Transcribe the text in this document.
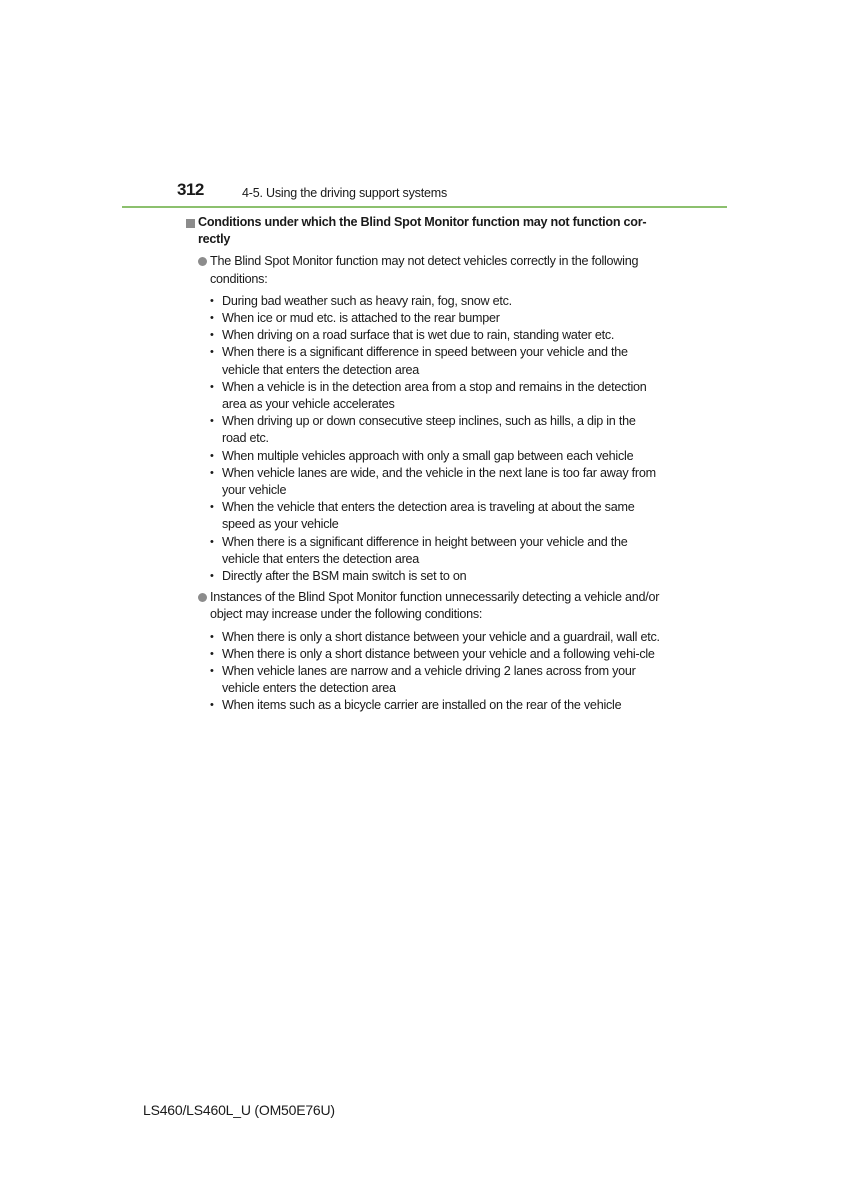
312	4-5. Using the driving support systems
Conditions under which the Blind Spot Monitor function may not function cor-rectly
The Blind Spot Monitor function may not detect vehicles correctly in the following conditions:
• During bad weather such as heavy rain, fog, snow etc.
• When ice or mud etc. is attached to the rear bumper
• When driving on a road surface that is wet due to rain, standing water etc.
• When there is a significant difference in speed between your vehicle and the vehicle that enters the detection area
• When a vehicle is in the detection area from a stop and remains in the detection area as your vehicle accelerates
• When driving up or down consecutive steep inclines, such as hills, a dip in the road etc.
• When multiple vehicles approach with only a small gap between each vehicle
• When vehicle lanes are wide, and the vehicle in the next lane is too far away from your vehicle
• When the vehicle that enters the detection area is traveling at about the same speed as your vehicle
• When there is a significant difference in height between your vehicle and the vehicle that enters the detection area
• Directly after the BSM main switch is set to on
Instances of the Blind Spot Monitor function unnecessarily detecting a vehicle and/or object may increase under the following conditions:
• When there is only a short distance between your vehicle and a guardrail, wall etc.
• When there is only a short distance between your vehicle and a following vehi-cle
• When vehicle lanes are narrow and a vehicle driving 2 lanes across from your vehicle enters the detection area
• When items such as a bicycle carrier are installed on the rear of the vehicle
LS460/LS460L_U (OM50E76U)
